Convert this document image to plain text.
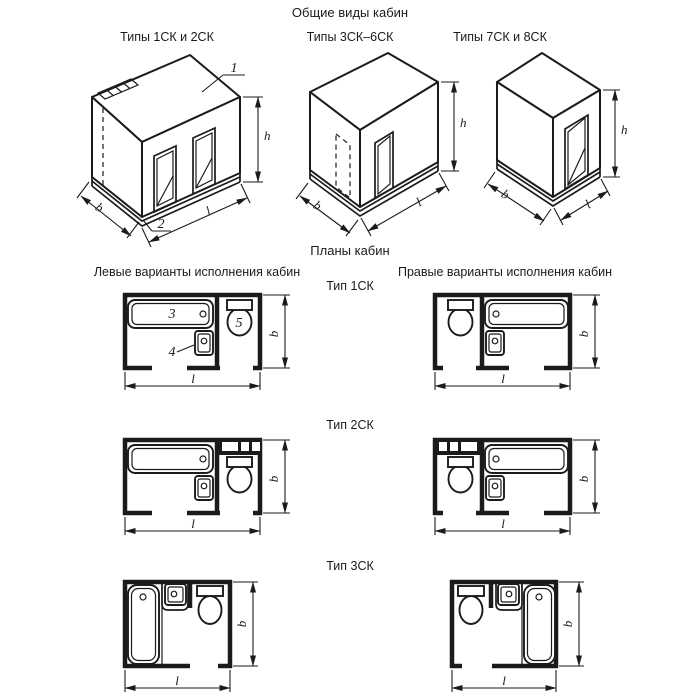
Общие виды кабин
Типы 1СК и 2СК	Типы 3СК–6СК	Типы 7СК и 8СК
1
2
h
b	l
h
b	l
h
b
l
Планы кабин
Левые варианты исполнения кабин	Правые варианты исполнения кабин
Тип 1СК
3
4
5
b
l
b
l
Тип 2СК
b
l
b
l
Тип 3СК
b
l
b
l
